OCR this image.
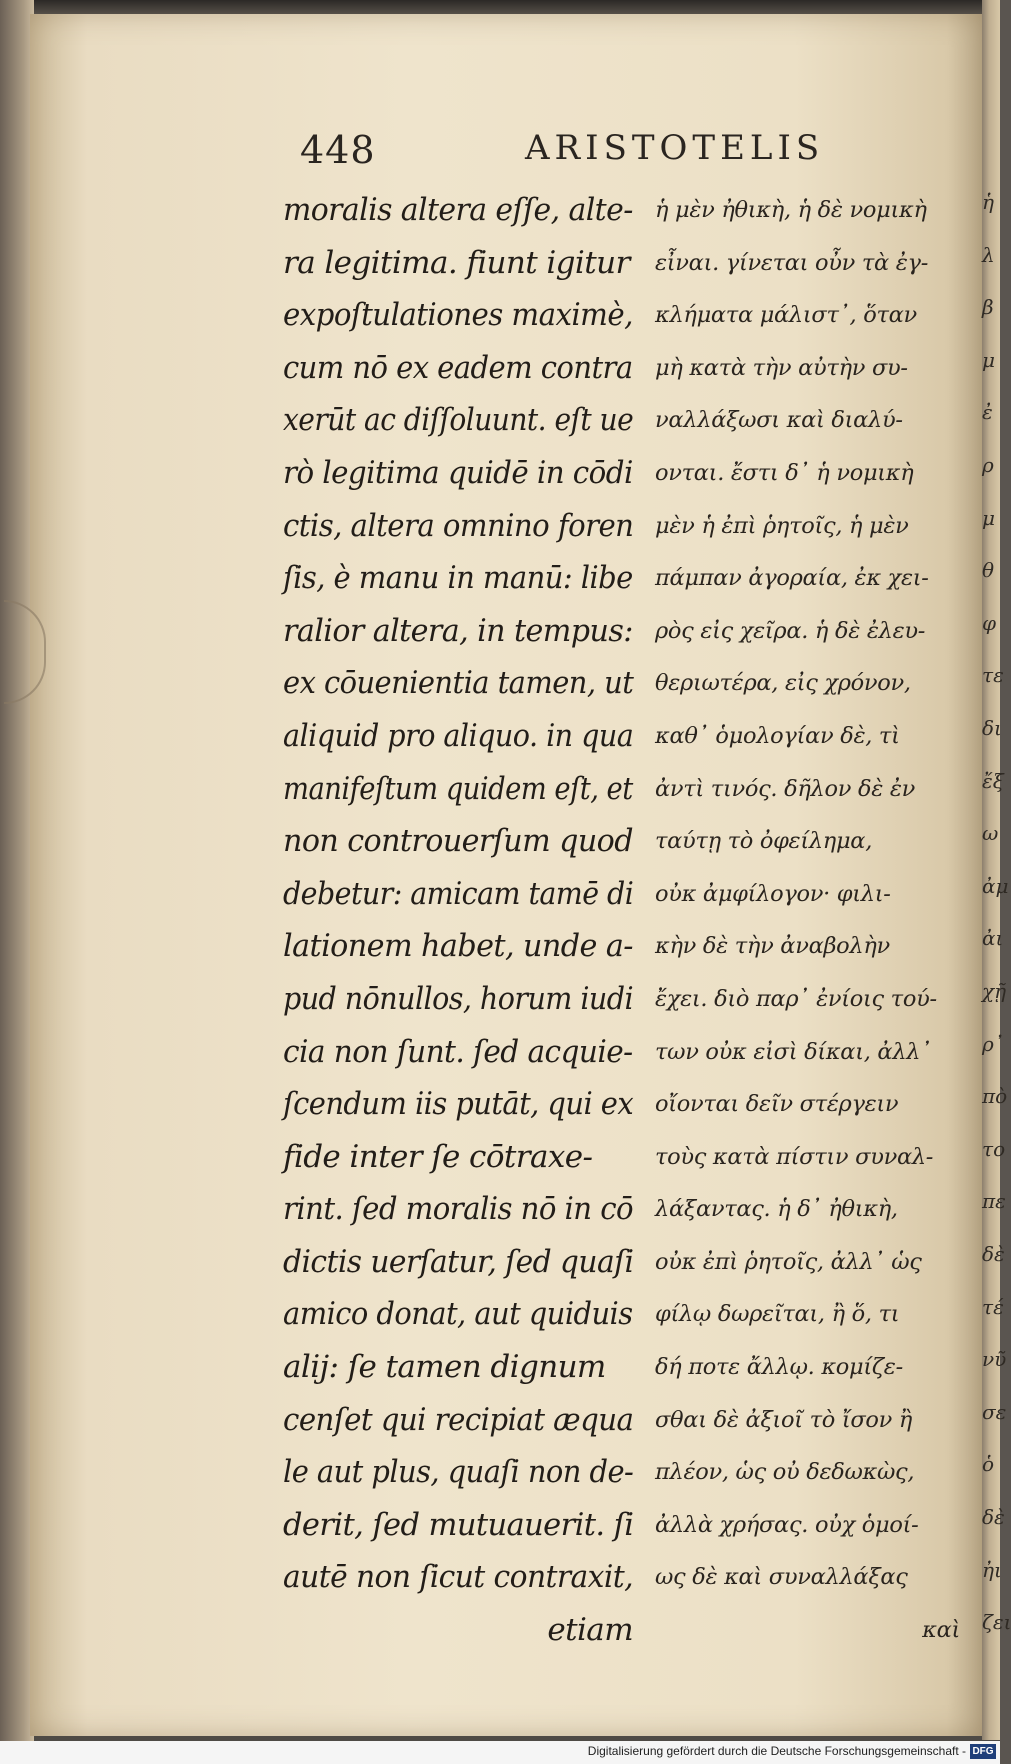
ἡ
λ
β
μ
ἐ
ρ
μ
θ
φ
τε
δι
ἔξ
ω
ἀμ
ἀι
χῇ
ρ᾽
πὸ
το
πε
δὲ
τέ
νῦ
σε
ὁ
δὲ
ἠι
ζει
448	ARISTOTELIS
moralis altera eſſe, alte-
ra legitima. fiunt igitur
expoſtulationes maximè,
cum nō ex eadem contra
xerūt ac diſſoluunt. eſt ue
rò legitima quidē in cōdi
ctis, altera omnino foren
ſis, è manu in manū: libe
ralior altera, in tempus:
ex cōuenientia tamen, ut
aliquid pro aliquo. in qua
manifeſtum quidem eſt, et
non controuerſum quod
debetur: amicam tamē di
lationem habet, unde a-
pud nōnullos, horum iudi
cia non ſunt. ſed acquie-
ſcendum iis putāt, qui ex
fide inter ſe cōtraxe-
rint. ſed moralis nō in cō
dictis uerſatur, ſed quaſi
amico donat, aut quiduis
alij: ſe tamen dignum
cenſet qui recipiat æqua
le aut plus, quaſi non de-
derit, ſed mutuauerit. ſi
autē non ſicut contraxit,
etiam
ἡ μὲν ἠθικὴ, ἡ δὲ νομικὴ
εἶναι. γίνεται οὖν τὰ ἐγ-
κλήματα μάλιστ᾽, ὅταν
μὴ κατὰ τὴν αὐτὴν συ-
ναλλάξωσι καὶ διαλύ-
ονται. ἔστι δ᾽ ἡ νομικὴ
μὲν ἡ ἐπὶ ῥητοῖς, ἡ μὲν
πάμπαν ἀγοραία, ἐκ χει-
ρὸς εἰς χεῖρα. ἡ δὲ ἐλευ-
θεριωτέρα, εἰς χρόνον,
καθ᾽ ὁμολογίαν δὲ, τὶ
ἀντὶ τινός. δῆλον δὲ ἐν
ταύτῃ τὸ ὀφείλημα,
οὐκ ἀμφίλογον· φιλι-
κὴν δὲ τὴν ἀναβολὴν
ἔχει. διὸ παρ᾽ ἐνίοις τού-
των οὐκ εἰσὶ δίκαι, ἀλλ᾽
οἴονται δεῖν στέργειν
τοὺς κατὰ πίστιν συναλ-
λάξαντας. ἡ δ᾽ ἠθικὴ,
οὐκ ἐπὶ ῥητοῖς, ἀλλ᾽ ὡς
φίλῳ δωρεῖται, ἢ ὅ, τι
δή ποτε ἄλλῳ. κομίζε-
σθαι δὲ ἀξιοῖ τὸ ἴσον ἢ
πλέον, ὡς οὐ δεδωκὼς,
ἀλλὰ χρήσας. οὐχ ὁμοί-
ως δὲ καὶ συναλλάξας
καὶ
Digitalisierung gefördert durch die Deutsche Forschungsgemeinschaft - DFG
